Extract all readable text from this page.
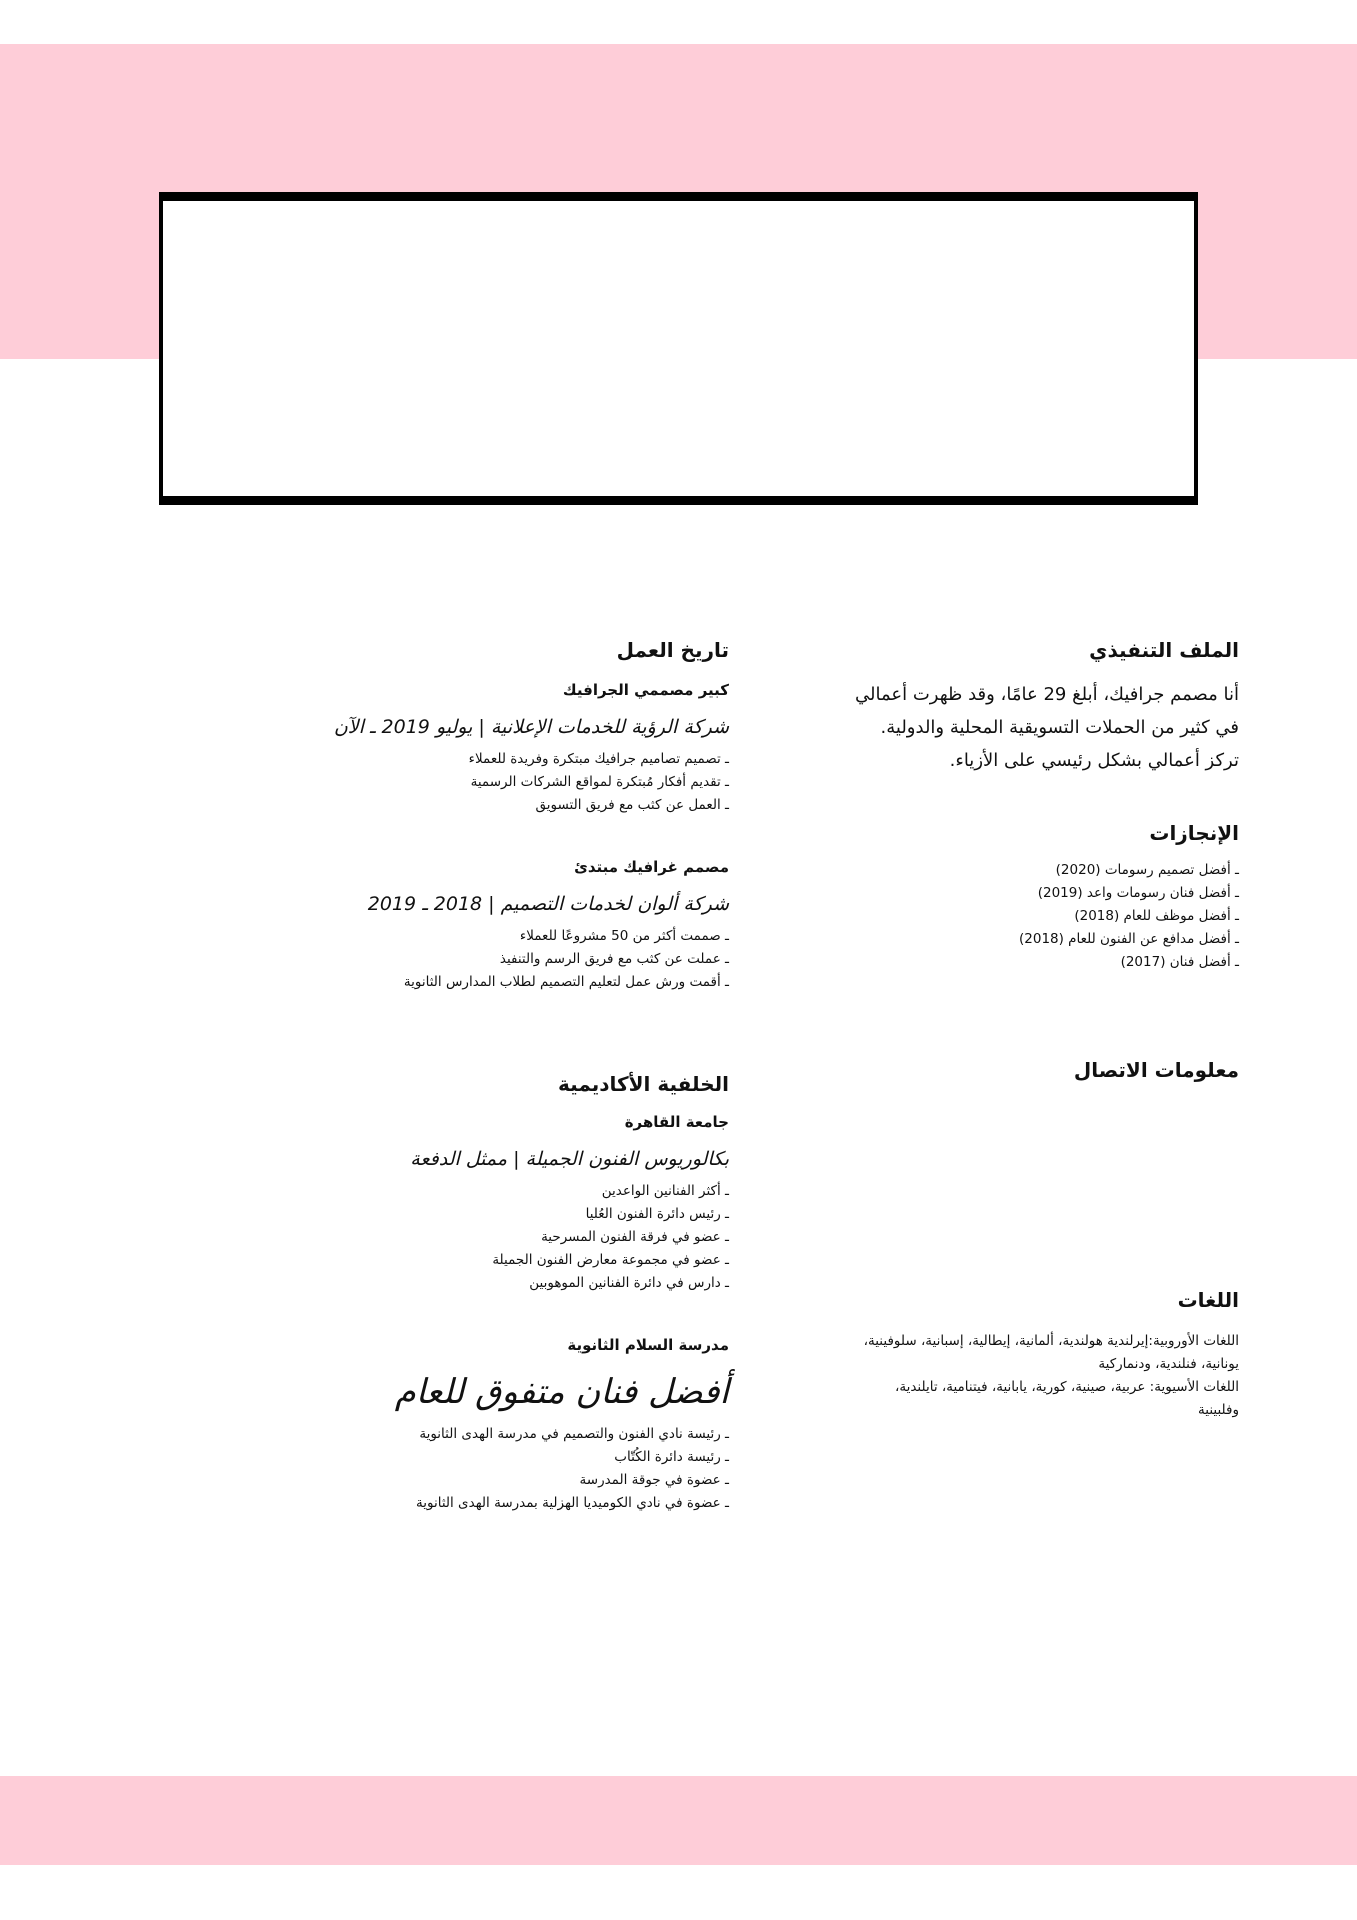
الملف التنفيذي

أنا مصمم جرافيك، أبلغ 29 عامًا، وقد ظهرت أعمالي

في كثير من الحملات التسويقية المحلية والدولية.

تركز أعمالي بشكل رئيسي على الأزياء.

الإنجازات
ـ أفضل تصميم رسومات (2020)
ـ أفضل فنان رسومات واعد (2019)
ـ أفضل موظف للعام (2018)
ـ أفضل مدافع عن الفنون للعام (2018)
ـ أفضل فنان (2017)
معلومات الاتصال
اللغات

اللغات الأوروبية:إيرلندية هولندية، ألمانية، إيطالية، إسبانية، سلوفينية،

يونانية، فنلندية، ودنماركية

اللغات الأسيوية: عربية، صينية، كورية، يابانية، فيتنامية، تايلندية،

وفلبينية

تاريخ العمل

كبير مصممي الجرافيك

شركة الرؤية للخدمات الإعلانية | يوليو 2019 ـ الآن

ـ تصميم تصاميم جرافيك مبتكرة وفريدة للعملاء
ـ تقديم أفكار مُبتكرة لمواقع الشركات الرسمية
ـ العمل عن كثب مع فريق التسويق

مصمم غرافيك مبتدئ

شركة ألوان لخدمات التصميم | 2018 ـ 2019

ـ صممت أكثر من 50 مشروعًا للعملاء
ـ عملت عن كثب مع فريق الرسم والتنفيذ
ـ أقمت ورش عمل لتعليم التصميم لطلاب المدارس الثانوية
الخلفية الأكاديمية

جامعة القاهرة

بكالوريوس الفنون الجميلة | ممثل الدفعة

ـ أكثر الفنانين الواعدين
ـ رئيس دائرة الفنون العُليا
ـ عضو في فرقة الفنون المسرحية
ـ عضو في مجموعة معارض الفنون الجميلة
ـ دارس في دائرة الفنانين الموهوبين

مدرسة السلام الثانوية

أفضل فنان متفوق للعام

ـ رئيسة نادي الفنون والتصميم في مدرسة الهدى الثانوية
ـ رئيسة دائرة الكُتّاب
ـ عضوة في جوقة المدرسة
ـ عضوة في نادي الكوميديا الهزلية بمدرسة الهدى الثانوية
